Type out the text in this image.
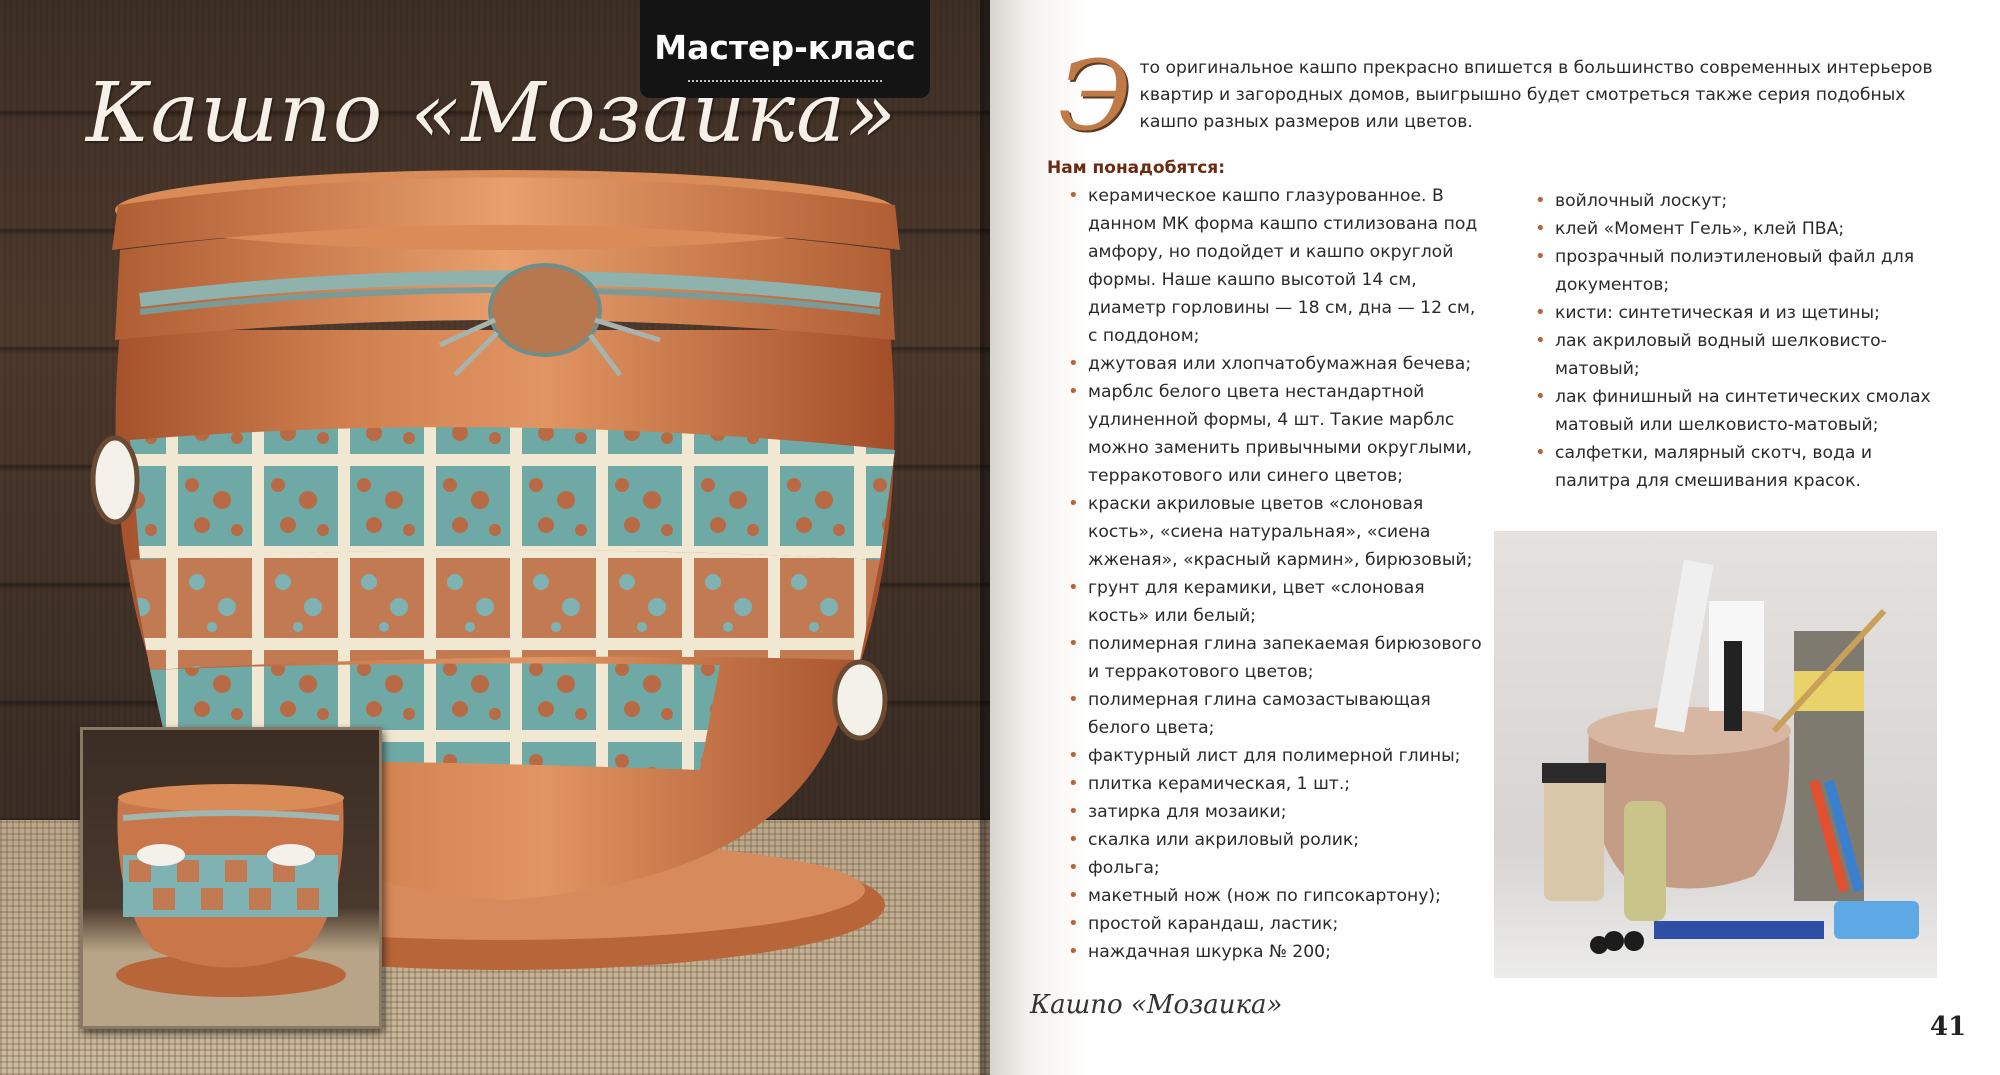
Мастер-класс
Кашпо «Мозаика» Э то оригинальное кашпо прекрасно впишется в большинство современных интерьеров квартир и загородных домов, выигрышно будет смотреться также серия подобных кашпо разных размеров или цветов.
Нам понадобятся:
• керамическое кашпо глазурованное. В данном МК форма кашпо стилизована под амфору, но подойдет и кашпо округлой формы. Наше кашпо высотой 14 см, диаметр горловины — 18 см, дна — 12 см, с поддоном;
• джутовая или хлопчатобумажная бечева;
• марблс белого цвета нестандартной удлиненной формы, 4 шт. Такие марблс можно заменить привычными округлыми, терракотового или синего цветов;
• краски акриловые цветов «слоновая кость», «сиена натуральная», «сиена жженая», «красный кармин», бирюзовый;
• грунт для керамики, цвет «слоновая кость» или белый;
• полимерная глина запекаемая бирюзового и терракотового цветов;
• полимерная глина самозастывающая белого цвета;
• фактурный лист для полимерной глины;
• плитка керамическая, 1 шт.;
• затирка для мозаики;
• скалка или акриловый ролик;
• фольга;
• макетный нож (нож по гипсокартону);
• простой карандаш, ластик;
• наждачная шкурка № 200;
• войлочный лоскут;
• клей «Момент Гель», клей ПВА;
• прозрачный полиэтиленовый файл для документов;
• кисти: синтетическая и из щетины;
• лак акриловый водный шелковисто-матовый;
• лак финишный на синтетических смолах матовый или шелковисто-матовый;
• салфетки, малярный скотч, вода и палитра для смешивания красок.
Кашпо «Мозаика»
41
